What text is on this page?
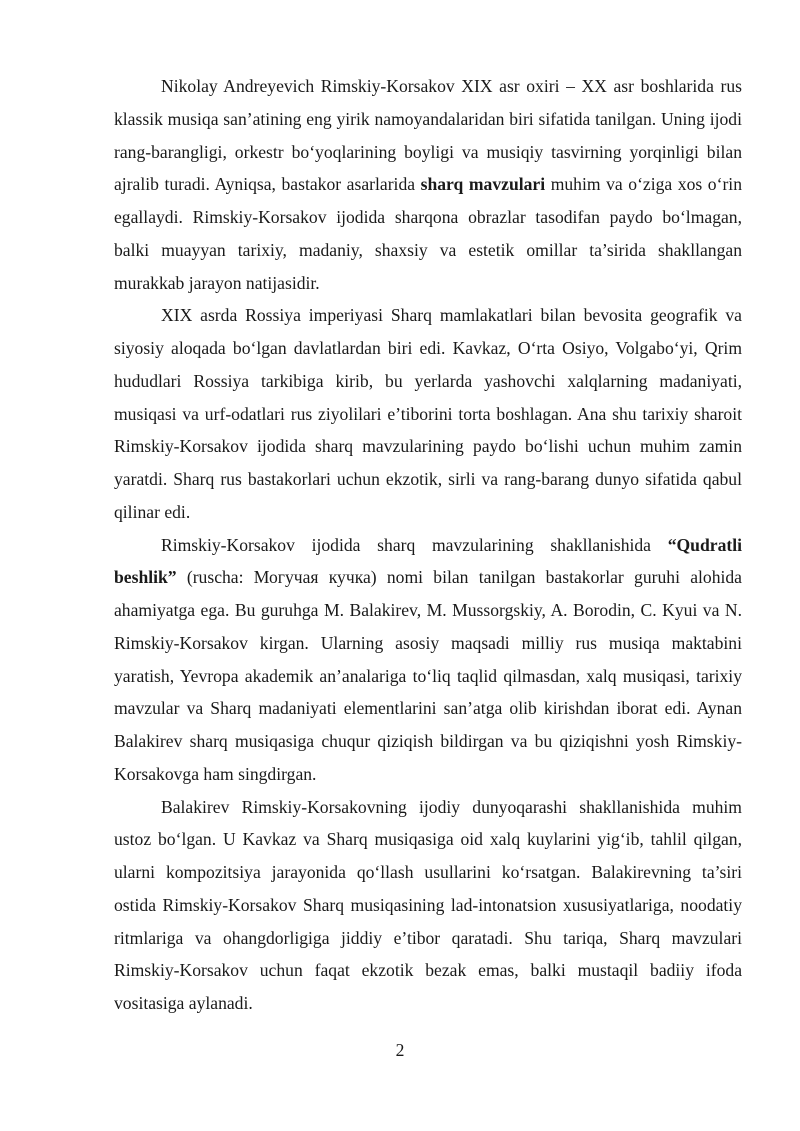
Nikolay Andreyevich Rimskiy-Korsakov XIX asr oxiri – XX asr boshlarida rus klassik musiqa san’atining eng yirik namoyandalaridan biri sifatida tanilgan. Uning ijodi rang-barangligi, orkestr bo‘yoqlarining boyligi va musiqiy tasvirning yorqinligi bilan ajralib turadi. Ayniqsa, bastakor asarlarida sharq mavzulari muhim va o‘ziga xos o‘rin egallaydi. Rimskiy-Korsakov ijodida sharqona obrazlar tasodifan paydo bo‘lmagan, balki muayyan tarixiy, madaniy, shaxsiy va estetik omillar ta’sirida shakllangan murakkab jarayon natijasidir.

XIX asrda Rossiya imperiyasi Sharq mamlakatlari bilan bevosita geografik va siyosiy aloqada bo‘lgan davlatlardan biri edi. Kavkaz, O‘rta Osiyo, Volgabo‘yi, Qrim hududlari Rossiya tarkibiga kirib, bu yerlarda yashovchi xalqlarning madaniyati, musiqasi va urf-odatlari rus ziyolilari e’tiborini torta boshlagan. Ana shu tarixiy sharoit Rimskiy-Korsakov ijodida sharq mavzularining paydo bo‘lishi uchun muhim zamin yaratdi. Sharq rus bastakorlari uchun ekzotik, sirli va rang-barang dunyo sifatida qabul qilinar edi.

Rimskiy-Korsakov ijodida sharq mavzularining shakllanishida “Qudratli beshlik” (ruscha: Могучая кучка) nomi bilan tanilgan bastakorlar guruhi alohida ahamiyatga ega. Bu guruhga M. Balakirev, M. Mussorgskiy, A. Borodin, C. Kyui va N. Rimskiy-Korsakov kirgan. Ularning asosiy maqsadi milliy rus musiqa maktabini yaratish, Yevropa akademik an’analariga to‘liq taqlid qilmasdan, xalq musiqasi, tarixiy mavzular va Sharq madaniyati elementlarini san’atga olib kirishdan iborat edi. Aynan Balakirev sharq musiqasiga chuqur qiziqish bildirgan va bu qiziqishni yosh Rimskiy-Korsakovga ham singdirgan.

Balakirev Rimskiy-Korsakovning ijodiy dunyoqarashi shakllanishida muhim ustoz bo‘lgan. U Kavkaz va Sharq musiqasiga oid xalq kuylarini yig‘ib, tahlil qilgan, ularni kompozitsiya jarayonida qo‘llash usullarini ko‘rsatgan. Balakirevning ta’siri ostida Rimskiy-Korsakov Sharq musiqasining lad-intonatsion xususiyatlariga, noodatiy ritmlariga va ohangdorligiga jiddiy e’tibor qaratadi. Shu tariqa, Sharq mavzulari Rimskiy-Korsakov uchun faqat ekzotik bezak emas, balki mustaqil badiiy ifoda vositasiga aylanadi.

2
